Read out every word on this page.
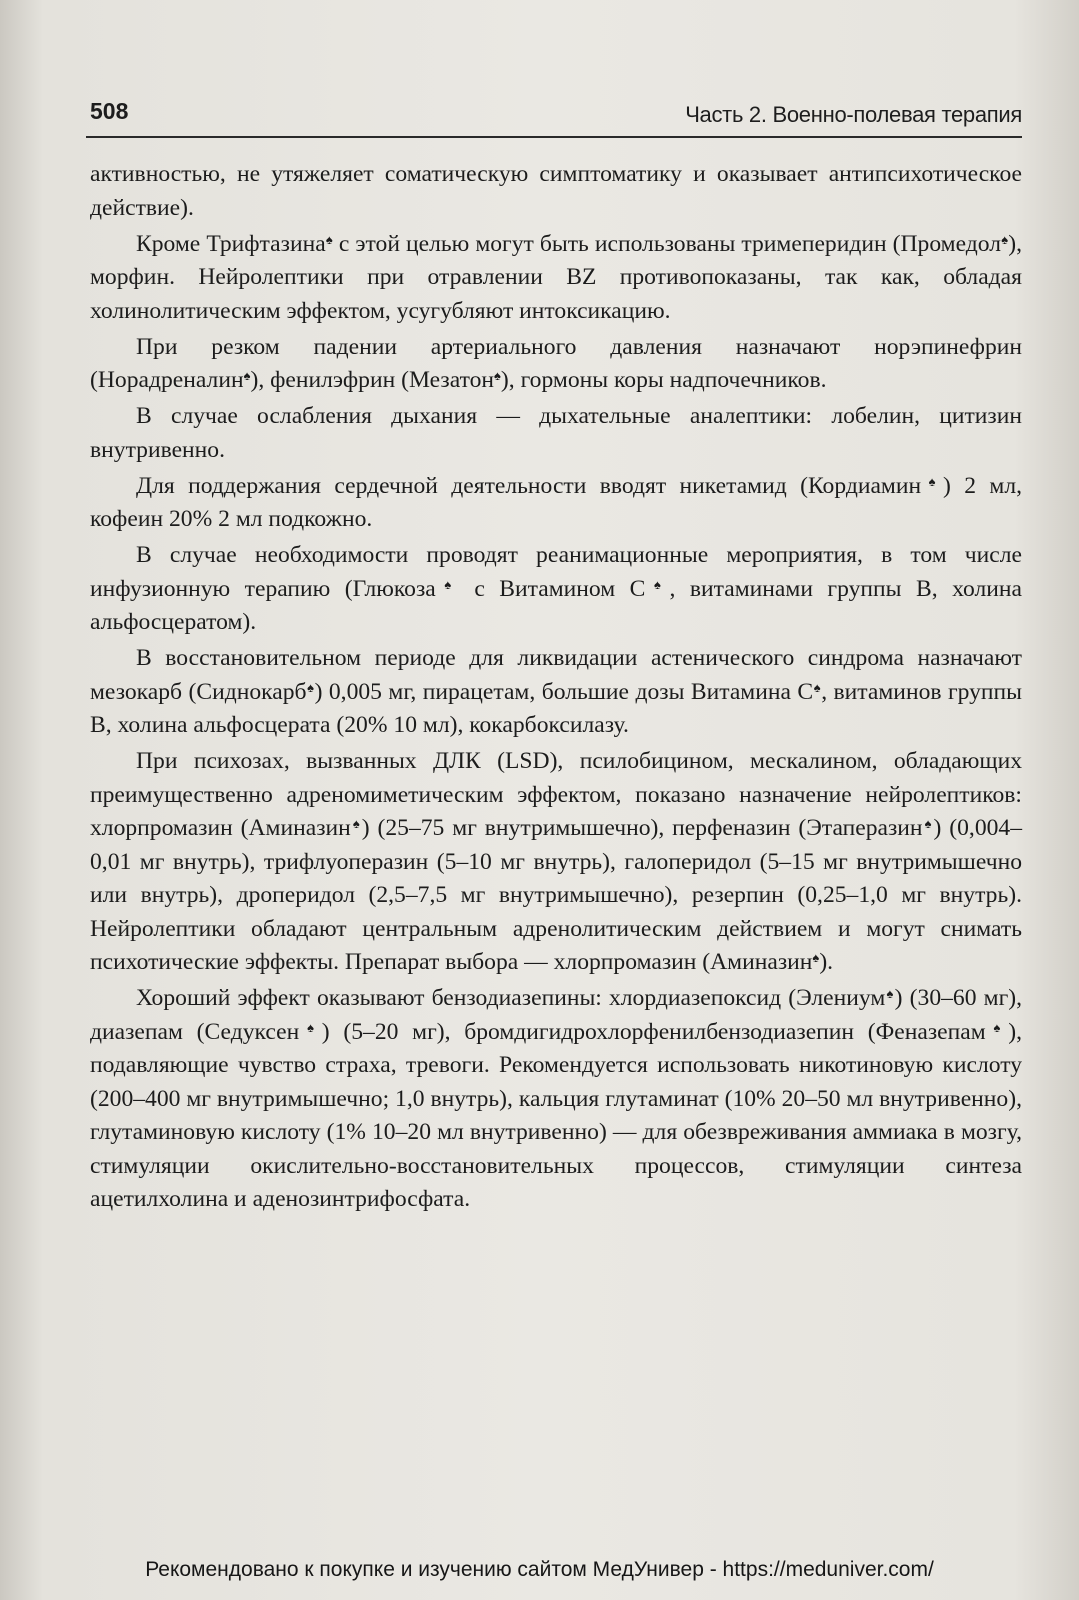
508	Часть 2. Военно-полевая терапия

активностью, не утяжеляет соматическую симптоматику и оказывает антипсихотическое действие).

Кроме Трифтазина♠ с этой целью могут быть использованы тримеперидин (Промедол♠), морфин. Нейролептики при отравлении BZ противопоказаны, так как, обладая холинолитическим эффектом, усугубляют интоксикацию.

При резком падении артериального давления назначают норэпинефрин (Норадреналин♠), фенилэфрин (Мезатон♠), гормоны коры надпочечников.

В случае ослабления дыхания — дыхательные аналептики: лобелин, цитизин внутривенно.

Для поддержания сердечной деятельности вводят никетамид (Кордиамин♠) 2 мл, кофеин 20% 2 мл подкожно.

В случае необходимости проводят реанимационные мероприятия, в том числе инфузионную терапию (Глюкоза♠ с Витамином С♠, витаминами группы В, холина альфосцератом).

В восстановительном периоде для ликвидации астенического синдрома назначают мезокарб (Сиднокарб♠) 0,005 мг, пирацетам, большие дозы Витамина С♠, витаминов группы В, холина альфосцерата (20% 10 мл), кокарбоксилазу.

При психозах, вызванных ДЛК (LSD), псилобицином, мескалином, обладающих преимущественно адреномиметическим эффектом, показано назначение нейролептиков: хлорпромазин (Аминазин♠) (25–75 мг внутримышечно), перфеназин (Этаперазин♠) (0,004–0,01 мг внутрь), трифлуоперазин (5–10 мг внутрь), галоперидол (5–15 мг внутримышечно или внутрь), дроперидол (2,5–7,5 мг внутримышечно), резерпин (0,25–1,0 мг внутрь). Нейролептики обладают центральным адренолитическим действием и могут снимать психотические эффекты. Препарат выбора — хлорпромазин (Аминазин♠).

Хороший эффект оказывают бензодиазепины: хлордиазепоксид (Элениум♠) (30–60 мг), диазепам (Седуксен♠) (5–20 мг), бромдигидрохлорфенилбензодиазепин (Феназепам♠), подавляющие чувство страха, тревоги. Рекомендуется использовать никотиновую кислоту (200–400 мг внутримышечно; 1,0 внутрь), кальция глутаминат (10% 20–50 мл внутривенно), глутаминовую кислоту (1% 10–20 мл внутривенно) — для обезвреживания аммиака в мозгу, стимуляции окислительно-восстановительных процессов, стимуляции синтеза ацетилхолина и аденозинтрифосфата.

Рекомендовано к покупке и изучению сайтом МедУнивер - https://meduniver.com/
